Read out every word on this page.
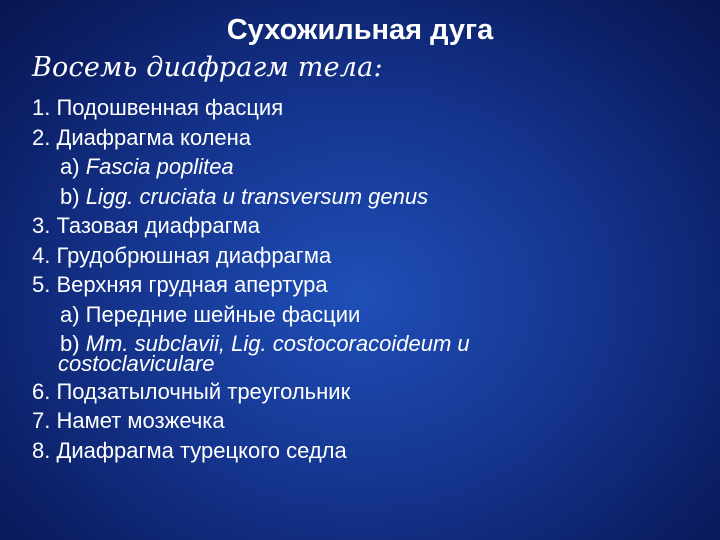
Сухожильная дуга
Восемь диафрагм тела:
1. Подошвенная фасция
2. Диафрагма колена
a) Fascia poplitea
b) Ligg. cruciata u transversum genus
3. Тазовая диафрагма
4. Грудобрюшная диафрагма
5. Верхняя грудная апертура
a) Передние шейные фасции
b) Mm. subclavii, Lig. costocoracoideum u
costoclaviculare
6. Подзатылочный треугольник
7. Намет мозжечка
8. Диафрагма турецкого седла
